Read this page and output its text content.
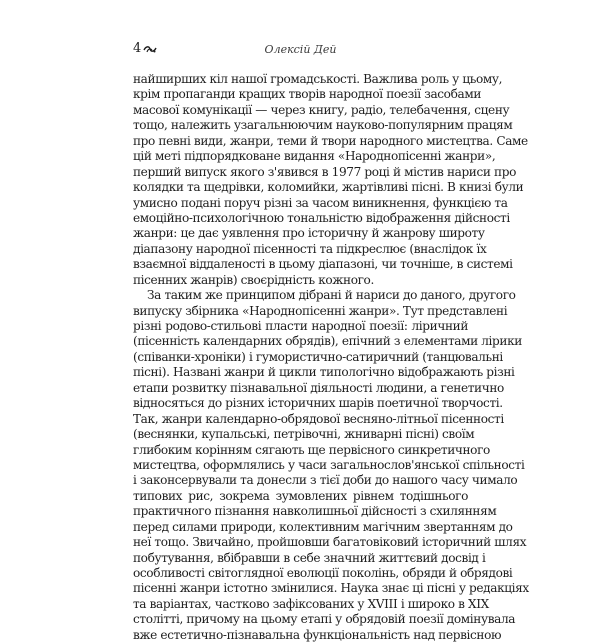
4	Олексій Дей
найширших кіл нашої громадськості. Важлива роль у цьому,
крім пропаганди кращих творів народної поезії засобами
масової комунікації — через книгу, радіо, телебачення, сцену
тощо, належить узагальнюючим науково-популярним працям
про певні види, жанри, теми й твори народного мистецтва. Саме
цій меті підпорядковане видання «Народнопісенні жанри»,
перший випуск якого з'явився в 1977 році й містив нариси про
колядки та щедрівки, коломийки, жартівливі пісні. В книзі були
умисно подані поруч різні за часом виникнення, функцією та
емоційно-психологічною тональністю відображення дійсності
жанри: це дає уявлення про історичну й жанрову широту
діапазону народної пісенності та підкреслює (внаслідок їх
взаємної віддаленості в цьому діапазоні, чи точніше, в системі
пісенних жанрів) своєрідність кожного.
За таким же принципом дібрані й нариси до даного, другого
випуску збірника «Народнопісенні жанри». Тут представлені
різні родово-стильові пласти народної поезії: ліричний
(пісенність календарних обрядів), епічний з елементами лірики
(співанки-хроніки) і гумористично-сатиричний (танцювальні
пісні). Названі жанри й цикли типологічно відображають різні
етапи розвитку пізнавальної діяльності людини, а генетично
відносяться до різних історичних шарів поетичної творчості.
Так, жанри календарно-обрядової весняно-літньої пісенності
(веснянки, купальські, петрівочні, жниварні пісні) своїм
глибоким корінням сягають ще первісного синкретичного
мистецтва, оформлялись у часи загальнослов'янської спільності
і законсервували та донесли з тієї доби до нашого часу чимало
типових рис, зокрема зумовлених рівнем тодішнього
практичного пізнання навколишньої дійсності з схилянням
перед силами природи, колективним магічним звертанням до
неї тощо. Звичайно, пройшовши багатовіковий історичний шлях
побутування, вбібравши в себе значний життєвий досвід і
особливості світоглядної еволюції поколінь, обряди й обрядові
пісенні жанри істотно змінилися. Наука знає ці пісні у редакціях
та варіантах, частково зафіксованих у XVIII і широко в XIX
столітті, причому на цьому етапі у обрядовій поезії домінувала
вже естетично-пізнавальна функціональність над первісною
